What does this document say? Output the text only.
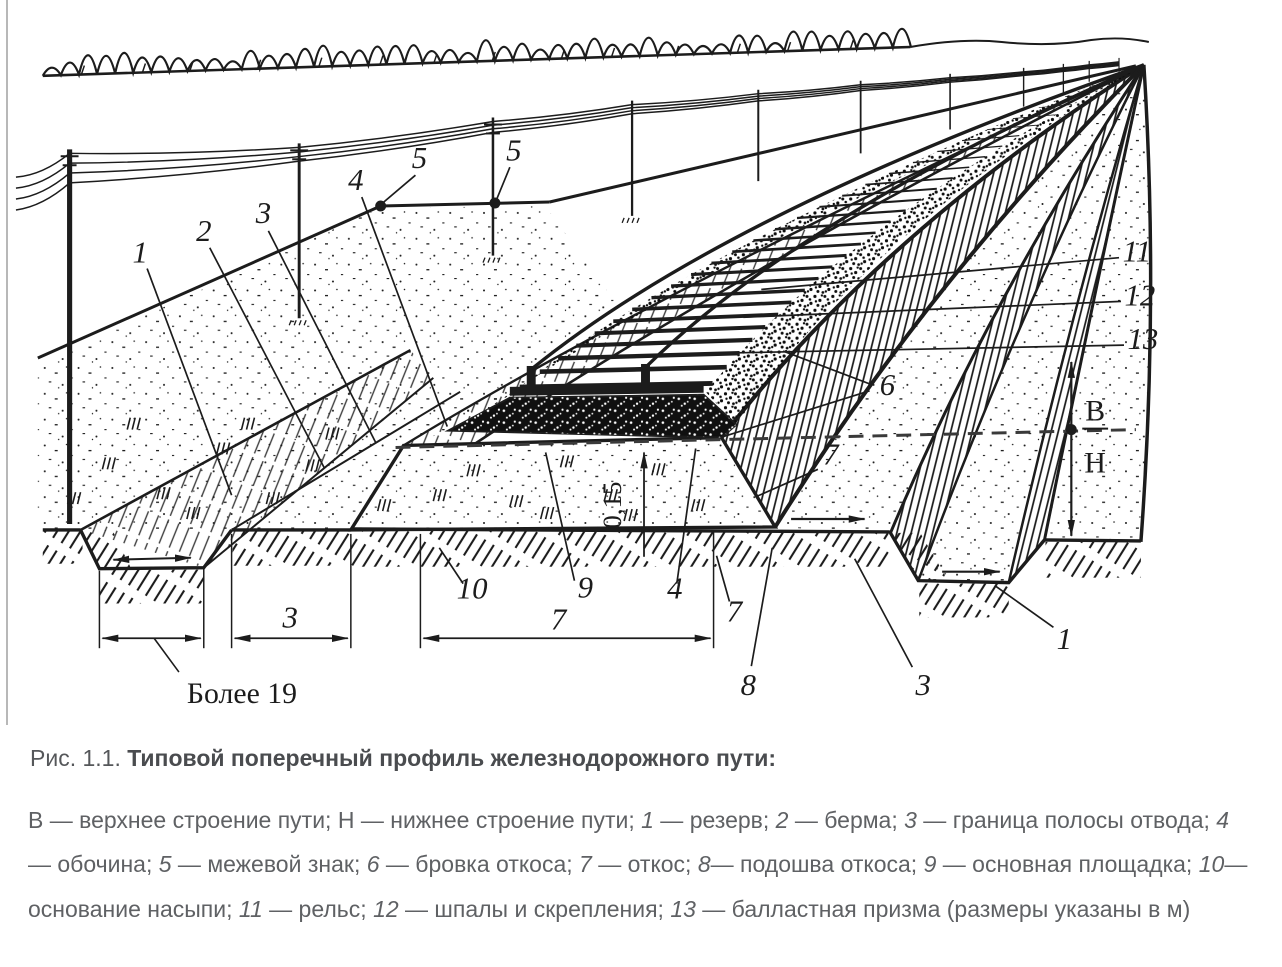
1
2
3
4
5	5
11
12
13
6
7
В
Н
10	9 4
7
8	3
1
Более 19
3	7
0,15

Рис. 1.1. Типовой поперечный профиль железнодорожного пути:

В — верхнее строение пути; Н — нижнее строение пути; 1 — резерв; 2 — берма; 3 — граница полосы отвода; 4 — обочина; 5 — межевой знак; 6 — бровка откоса; 7 — откос; 8— подошва откоса; 9 — основная площадка; 10— основание насыпи; 11 — рельс; 12 — шпалы и скрепления; 13 — балластная призма (размеры указаны в м)
